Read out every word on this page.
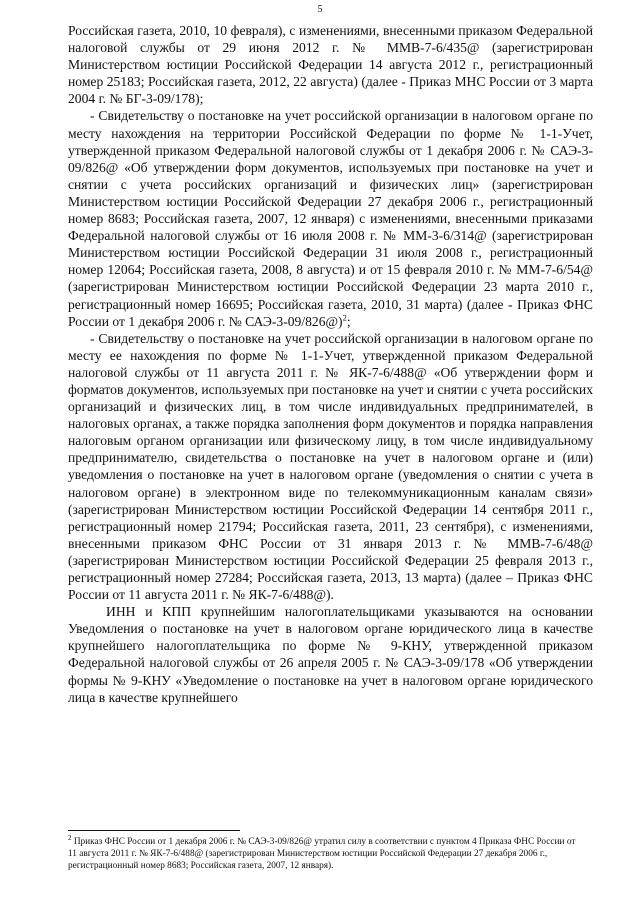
5

Российская газета, 2010, 10 февраля), с изменениями, внесенными приказом Федеральной налоговой службы от 29 июня 2012 г. № ММВ-7-6/435@ (зарегистрирован Министерством юстиции Российской Федерации 14 августа 2012 г., регистрационный номер 25183; Российская газета, 2012, 22 августа) (далее - Приказ МНС России от 3 марта 2004 г. № БГ-3-09/178);

- Свидетельству о постановке на учет российской организации в налоговом органе по месту нахождения на территории Российской Федерации по форме № 1-1-Учет, утвержденной приказом Федеральной налоговой службы от 1 декабря 2006 г. № САЭ-3-09/826@ «Об утверждении форм документов, используемых при постановке на учет и снятии с учета российских организаций и физических лиц» (зарегистрирован Министерством юстиции Российской Федерации 27 декабря 2006 г., регистрационный номер 8683; Российская газета, 2007, 12 января) с изменениями, внесенными приказами Федеральной налоговой службы от 16 июля 2008 г. № ММ-3-6/314@ (зарегистрирован Министерством юстиции Российской Федерации 31 июля 2008 г., регистрационный номер 12064; Российская газета, 2008, 8 августа) и от 15 февраля 2010 г. № ММ-7-6/54@ (зарегистрирован Министерством юстиции Российской Федерации 23 марта 2010 г., регистрационный номер 16695; Российская газета, 2010, 31 марта) (далее - Приказ ФНС России от 1 декабря 2006 г. № САЭ-3-09/826@)$^2$;

- Свидетельству о постановке на учет российской организации в налоговом органе по месту ее нахождения по форме № 1-1-Учет, утвержденной приказом Федеральной налоговой службы от 11 августа 2011 г. № ЯК-7-6/488@ «Об утверждении форм и форматов документов, используемых при постановке на учет и снятии с учета российских организаций и физических лиц, в том числе индивидуальных предпринимателей, в налоговых органах, а также порядка заполнения форм документов и порядка направления налоговым органом организации или физическому лицу, в том числе индивидуальному предпринимателю, свидетельства о постановке на учет в налоговом органе и (или) уведомления о постановке на учет в налоговом органе (уведомления о снятии с учета в налоговом органе) в электронном виде по телекоммуникационным каналам связи» (зарегистрирован Министерством юстиции Российской Федерации 14 сентября 2011 г., регистрационный номер 21794; Российская газета, 2011, 23 сентября), с изменениями, внесенными приказом ФНС России от 31 января 2013 г. № ММВ-7-6/48@ (зарегистрирован Министерством юстиции Российской Федерации 25 февраля 2013 г., регистрационный номер 27284; Российская газета, 2013, 13 марта) (далее – Приказ ФНС России от 11 августа 2011 г. № ЯК-7-6/488@).

ИНН и КПП крупнейшим налогоплательщиками указываются на основании Уведомления о постановке на учет в налоговом органе юридического лица в качестве крупнейшего налогоплательщика по форме № 9-КНУ, утвержденной приказом Федеральной налоговой службы от 26 апреля 2005 г. № САЭ-3-09/178 «Об утверждении формы № 9-КНУ «Уведомление о постановке на учет в налоговом органе юридического лица в качестве крупнейшего

$^2$ Приказ ФНС России от 1 декабря 2006 г. № САЭ-3-09/826@ утратил силу в соответствии с пунктом 4 Приказа ФНС России от 11 августа 2011 г. № ЯК-7-6/488@ (зарегистрирован Министерством юстиции Российской Федерации 27 декабря 2006 г., регистрационный номер 8683; Российская газета, 2007, 12 января).
